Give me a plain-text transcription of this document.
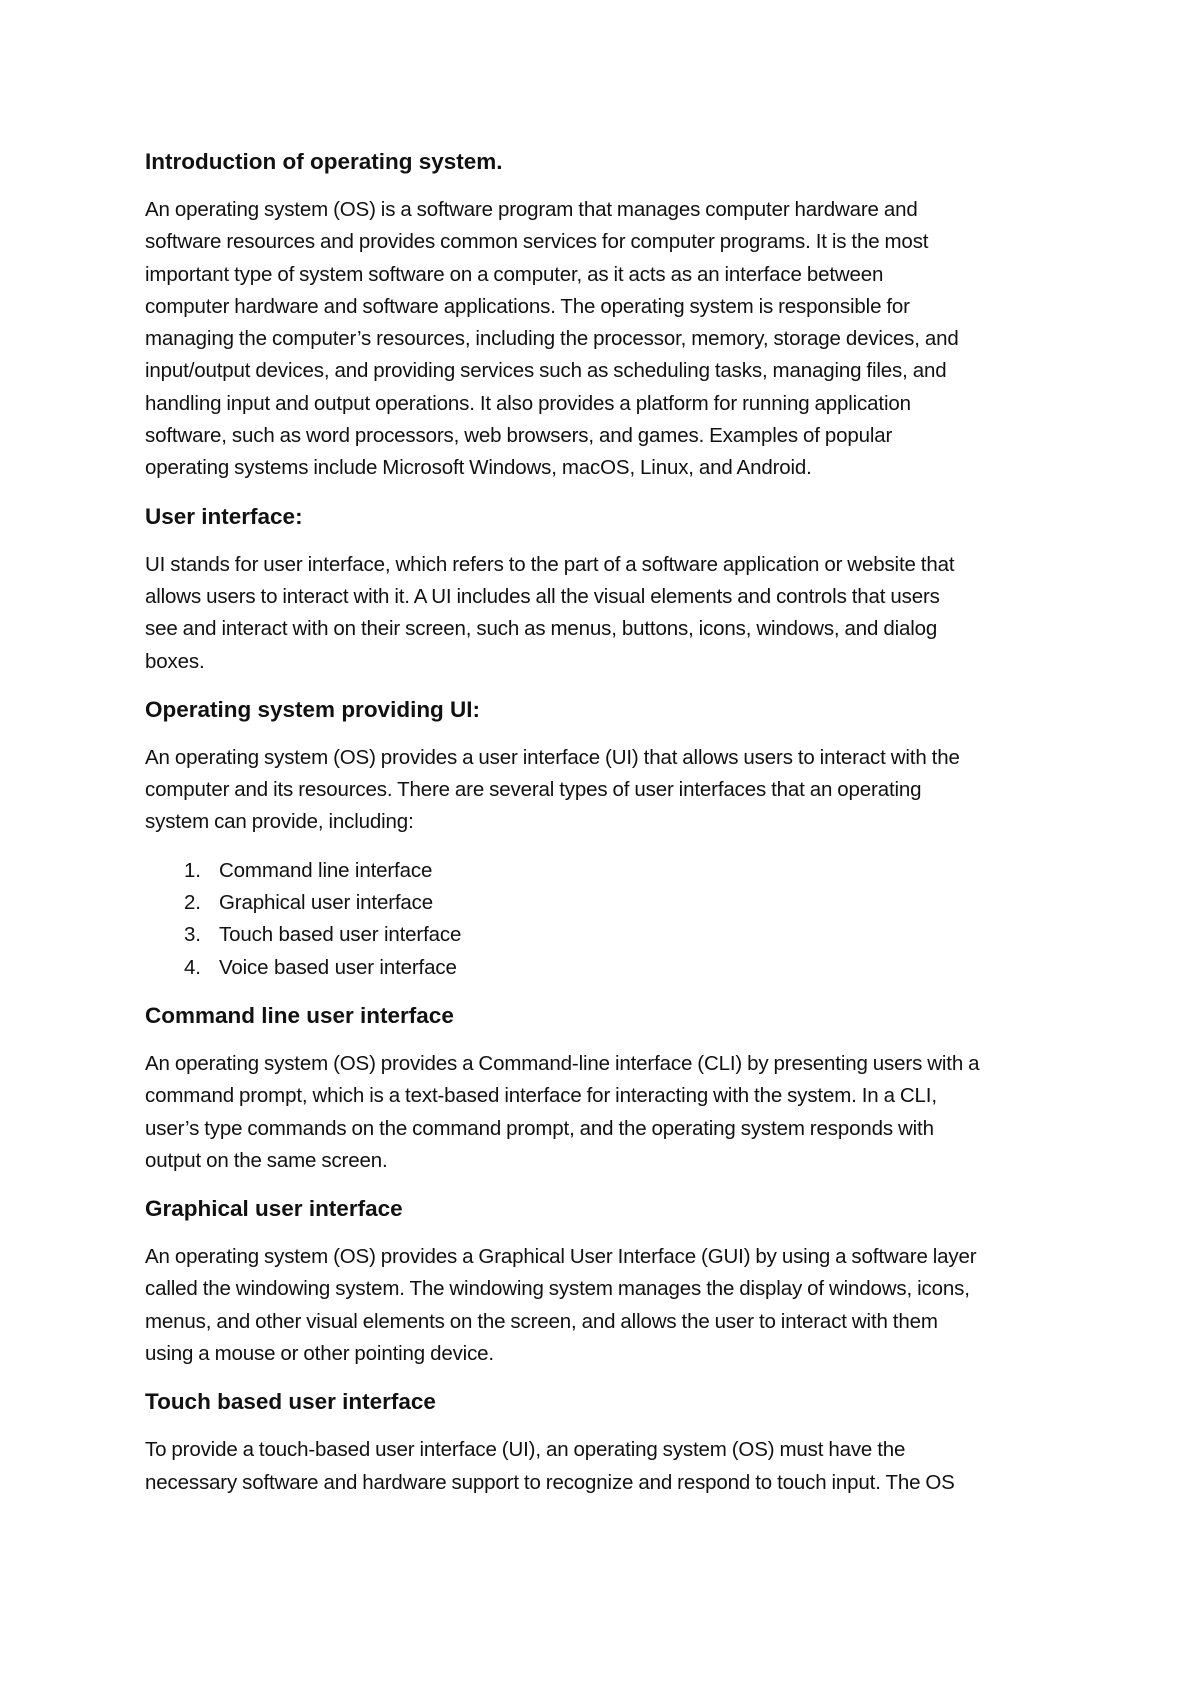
Introduction of operating system.

An operating system (OS) is a software program that manages computer hardware and
software resources and provides common services for computer programs. It is the most
important type of system software on a computer, as it acts as an interface between
computer hardware and software applications. The operating system is responsible for
managing the computer’s resources, including the processor, memory, storage devices, and
input/output devices, and providing services such as scheduling tasks, managing files, and
handling input and output operations. It also provides a platform for running application
software, such as word processors, web browsers, and games. Examples of popular
operating systems include Microsoft Windows, macOS, Linux, and Android.

User interface:

UI stands for user interface, which refers to the part of a software application or website that
allows users to interact with it. A UI includes all the visual elements and controls that users
see and interact with on their screen, such as menus, buttons, icons, windows, and dialog
boxes.

Operating system providing UI:

An operating system (OS) provides a user interface (UI) that allows users to interact with the
computer and its resources. There are several types of user interfaces that an operating
system can provide, including:

1. Command line interface
2. Graphical user interface
3. Touch based user interface
4. Voice based user interface
Command line user interface

An operating system (OS) provides a Command-line interface (CLI) by presenting users with a
command prompt, which is a text-based interface for interacting with the system. In a CLI,
user’s type commands on the command prompt, and the operating system responds with
output on the same screen.

Graphical user interface

An operating system (OS) provides a Graphical User Interface (GUI) by using a software layer
called the windowing system. The windowing system manages the display of windows, icons,
menus, and other visual elements on the screen, and allows the user to interact with them
using a mouse or other pointing device.

Touch based user interface

To provide a touch-based user interface (UI), an operating system (OS) must have the
necessary software and hardware support to recognize and respond to touch input. The OS
